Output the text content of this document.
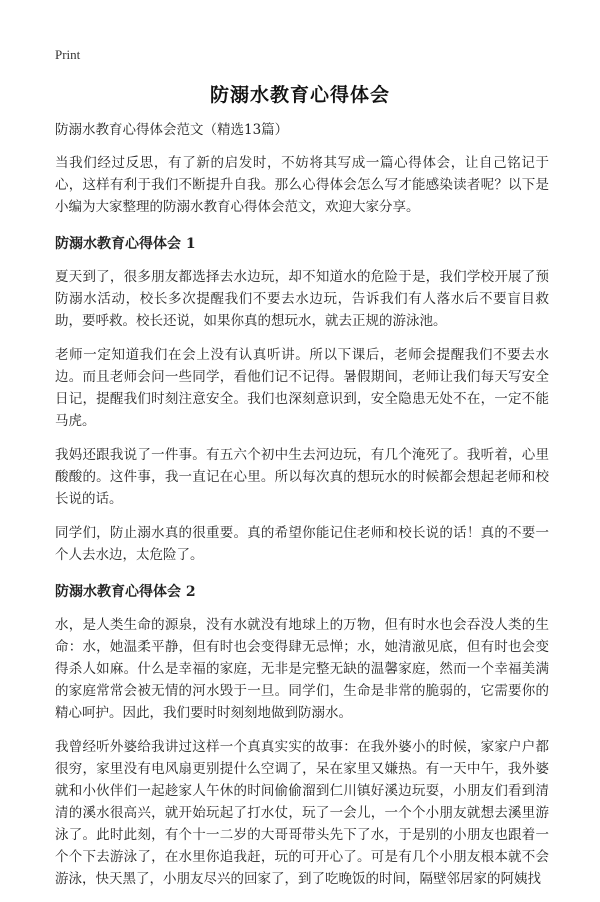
Print
防溺水教育心得体会
防溺水教育心得体会范文（精选13篇）

当我们经过反思，有了新的启发时，不妨将其写成一篇心得体会，让自己铭记于心，这样有利于我们不断提升自我。那么心得体会怎么写才能感染读者呢？以下是小编为大家整理的防溺水教育心得体会范文，欢迎大家分享。

防溺水教育心得体会 1

夏天到了，很多朋友都选择去水边玩，却不知道水的危险于是，我们学校开展了预防溺水活动，校长多次提醒我们不要去水边玩，告诉我们有人落水后不要盲目救助，要呼救。校长还说，如果你真的想玩水，就去正规的游泳池。

老师一定知道我们在会上没有认真听讲。所以下课后，老师会提醒我们不要去水边。而且老师会问一些同学，看他们记不记得。暑假期间，老师让我们每天写安全日记，提醒我们时刻注意安全。我们也深刻意识到，安全隐患无处不在，一定不能马虎。

我妈还跟我说了一件事。有五六个初中生去河边玩，有几个淹死了。我听着，心里酸酸的。这件事，我一直记在心里。所以每次真的想玩水的时候都会想起老师和校长说的话。

同学们，防止溺水真的很重要。真的希望你能记住老师和校长说的话！真的不要一个人去水边，太危险了。

防溺水教育心得体会 2

水，是人类生命的源泉，没有水就没有地球上的万物，但有时水也会吞没人类的生命：水，她温柔平静，但有时也会变得肆无忌惮；水，她清澈见底，但有时也会变得杀人如麻。什么是幸福的家庭，无非是完整无缺的温馨家庭，然而一个幸福美满的家庭常常会被无情的河水毁于一旦。同学们，生命是非常的脆弱的，它需要你的精心呵护。因此，我们要时时刻刻地做到防溺水。

我曾经听外婆给我讲过这样一个真真实实的故事：在我外婆小的时候，家家户户都很穷，家里没有电风扇更别提什么空调了，呆在家里又嫌热。有一天中午，我外婆就和小伙伴们一起趁家人午休的时间偷偷溜到仁川镇好溪边玩耍，小朋友们看到清清的溪水很高兴，就开始玩起了打水仗，玩了一会儿，一个个小朋友就想去溪里游泳了。此时此刻，有个十一二岁的大哥哥带头先下了水，于是别的小朋友也跟着一个个下去游泳了，在水里你追我赶，玩的可开心了。可是有几个小朋友根本就不会游泳，快天黑了，小朋友尽兴的回家了，到了吃晚饭的时间，隔壁邻居家的阿姨找
